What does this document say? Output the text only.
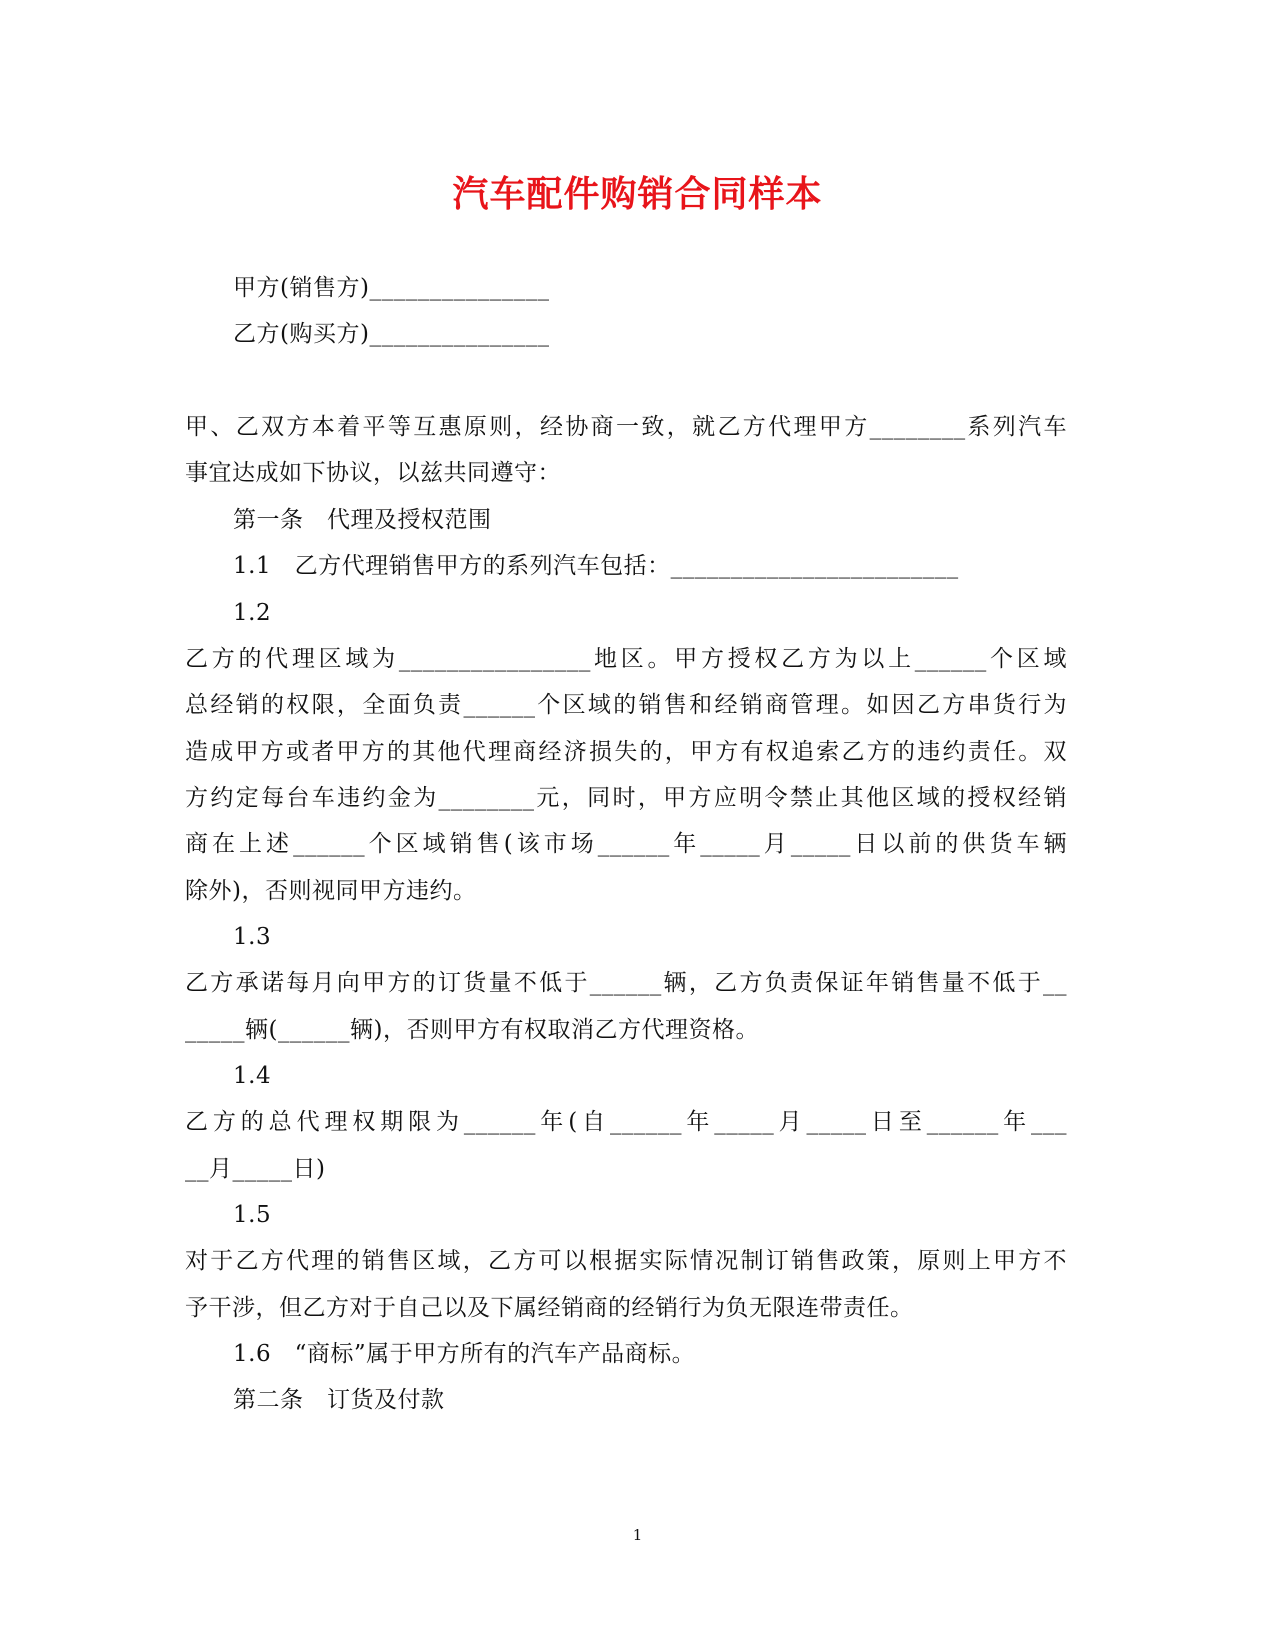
汽车配件购销合同样本
甲方(销售方)_______________
乙方(购买方)_______________
甲、乙双方本着平等互惠原则，经协商一致，就乙方代理甲方________系列汽车
事宜达成如下协议，以兹共同遵守：
第一条　代理及授权范围
1.1　乙方代理销售甲方的系列汽车包括：________________________
1.2
乙方的代理区域为________________地区。甲方授权乙方为以上______个区域
总经销的权限，全面负责______个区域的销售和经销商管理。如因乙方串货行为
造成甲方或者甲方的其他代理商经济损失的，甲方有权追索乙方的违约责任。双
方约定每台车违约金为________元，同时，甲方应明令禁止其他区域的授权经销
商在上述______个区域销售(该市场______年_____月_____日以前的供货车辆
除外)，否则视同甲方违约。
1.3
乙方承诺每月向甲方的订货量不低于______辆，乙方负责保证年销售量不低于__
_____辆(______辆)，否则甲方有权取消乙方代理资格。
1.4
乙方的总代理权期限为______年(自______年_____月_____日至______年___
__月_____日)
1.5
对于乙方代理的销售区域，乙方可以根据实际情况制订销售政策，原则上甲方不
予干涉，但乙方对于自己以及下属经销商的经销行为负无限连带责任。
1.6　“商标”属于甲方所有的汽车产品商标。
第二条　订货及付款
1
